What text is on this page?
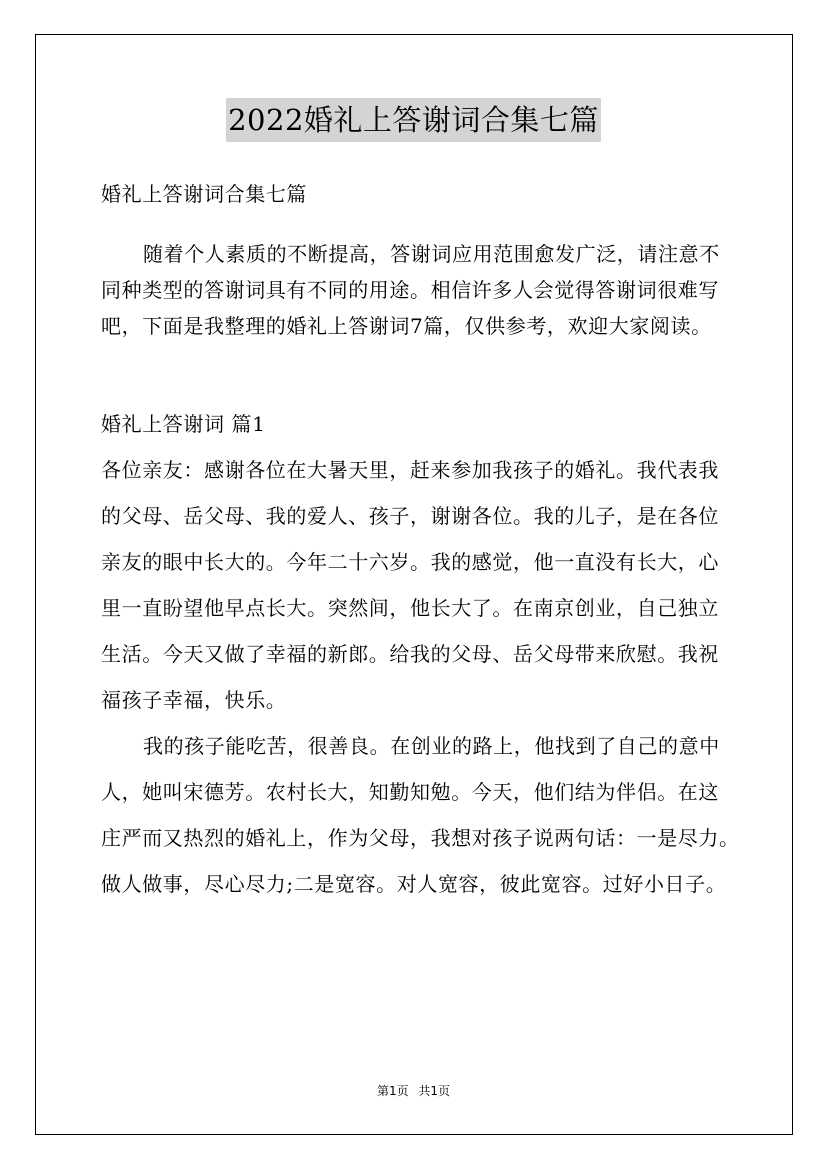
2022婚礼上答谢词合集七篇
婚礼上答谢词合集七篇
随着个人素质的不断提高，答谢词应用范围愈发广泛，请注意不
同种类型的答谢词具有不同的用途。相信许多人会觉得答谢词很难写
吧，下面是我整理的婚礼上答谢词7篇，仅供参考，欢迎大家阅读。
婚礼上答谢词 篇1
各位亲友：感谢各位在大暑天里，赶来参加我孩子的婚礼。我代表我
的父母、岳父母、我的爱人、孩子，谢谢各位。我的儿子，是在各位
亲友的眼中长大的。今年二十六岁。我的感觉，他一直没有长大，心
里一直盼望他早点长大。突然间，他长大了。在南京创业，自己独立
生活。今天又做了幸福的新郎。给我的父母、岳父母带来欣慰。我祝
福孩子幸福，快乐。
我的孩子能吃苦，很善良。在创业的路上，他找到了自己的意中
人，她叫宋德芳。农村长大，知勤知勉。今天，他们结为伴侣。在这
庄严而又热烈的婚礼上，作为父母，我想对孩子说两句话：一是尽力。
做人做事，尽心尽力;二是宽容。对人宽容，彼此宽容。过好小日子。
第1页 共1页
